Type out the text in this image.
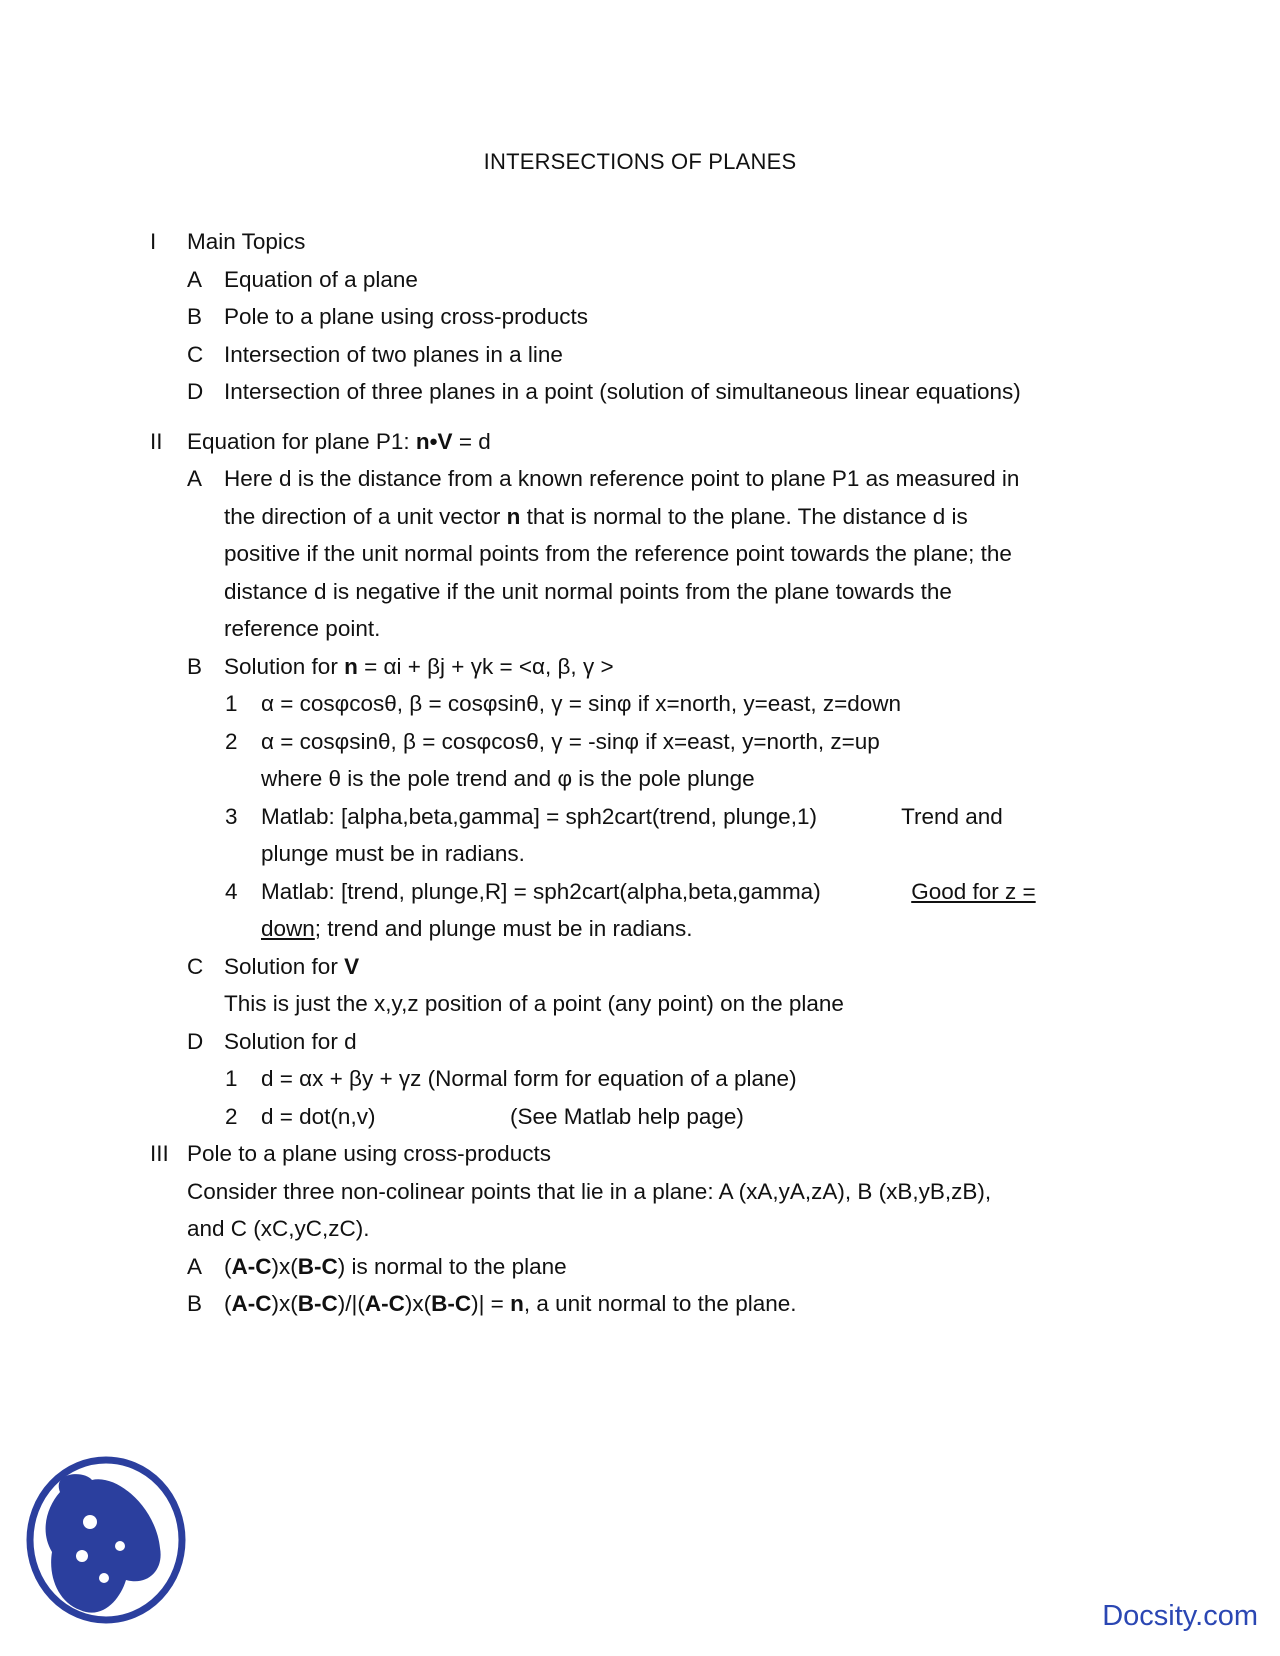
INTERSECTIONS OF PLANES
I Main Topics
A Equation of a plane
B Pole to a plane using cross-products
C Intersection of two planes in a line
D Intersection of three planes in a point (solution of simultaneous linear equations)
II Equation for plane P1: n•V = d
A Here d is the distance from a known reference point to plane P1 as measured in
the direction of a unit vector n that is normal to the plane. The distance d is
positive if the unit normal points from the reference point towards the plane; the
distance d is negative if the unit normal points from the plane towards the
reference point.
B Solution for n = αi + βj + γk = <α, β, γ >
1 α = cosφcosθ, β = cosφsinθ, γ = sinφ if x=north, y=east, z=down
2 α = cosφsinθ, β = cosφcosθ, γ = -sinφ if x=east, y=north, z=up
where θ is the pole trend and φ is the pole plunge
3 Matlab: [alpha,beta,gamma] = sph2cart(trend, plunge,1)	Trend and
plunge must be in radians.
4 Matlab: [trend, plunge,R] = sph2cart(alpha,beta,gamma)	Good for z =
down; trend and plunge must be in radians.
C Solution for V
This is just the x,y,z position of a point (any point) on the plane
D Solution for d
1 d = αx + βy + γz (Normal form for equation of a plane)
2 d = dot(n,v)	(See Matlab help page)
III Pole to a plane using cross-products
Consider three non-colinear points that lie in a plane: A (xA,yA,zA), B (xB,yB,zB),
and C (xC,yC,zC).
A (A-C)x(B-C) is normal to the plane
B (A-C)x(B-C)/|(A-C)x(B-C)| = n, a unit normal to the plane.
Docsity.com
